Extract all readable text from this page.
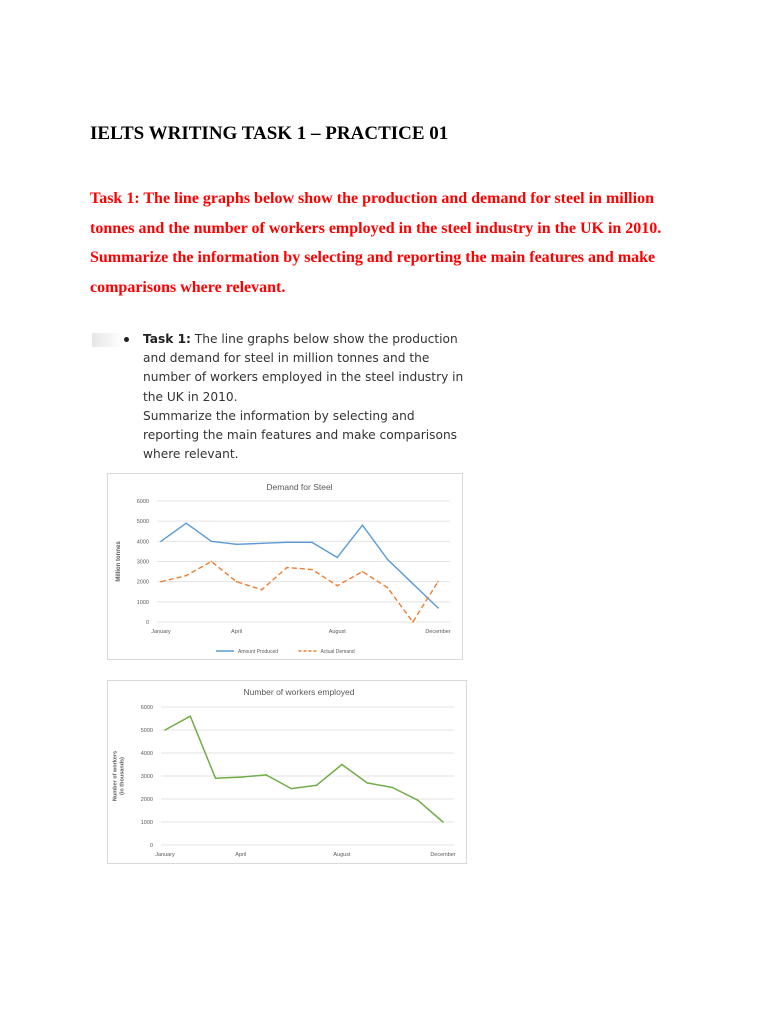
IELTS WRITING TASK 1 – PRACTICE 01

Task 1: The line graphs below show the production and demand for steel in million
tonnes and the number of workers employed in the steel industry in the UK in 2010.
Summarize the information by selecting and reporting the main features and make
comparisons where relevant.

Task 1: The line graphs below show the production
and demand for steel in million tonnes and the
number of workers employed in the steel industry in
the UK in 2010.
Summarize the information by selecting and
reporting the main features and make comparisons
where relevant.
Demand for Steel
0
1000
2000
3000
4000
5000
6000
Million tonnes
January	April	August	December
Amount Produced	Actual Demand
Number of workers employed
0
1000
2000
3000
4000
5000
6000
Number of workers(in thousands)
January	April	August	December
